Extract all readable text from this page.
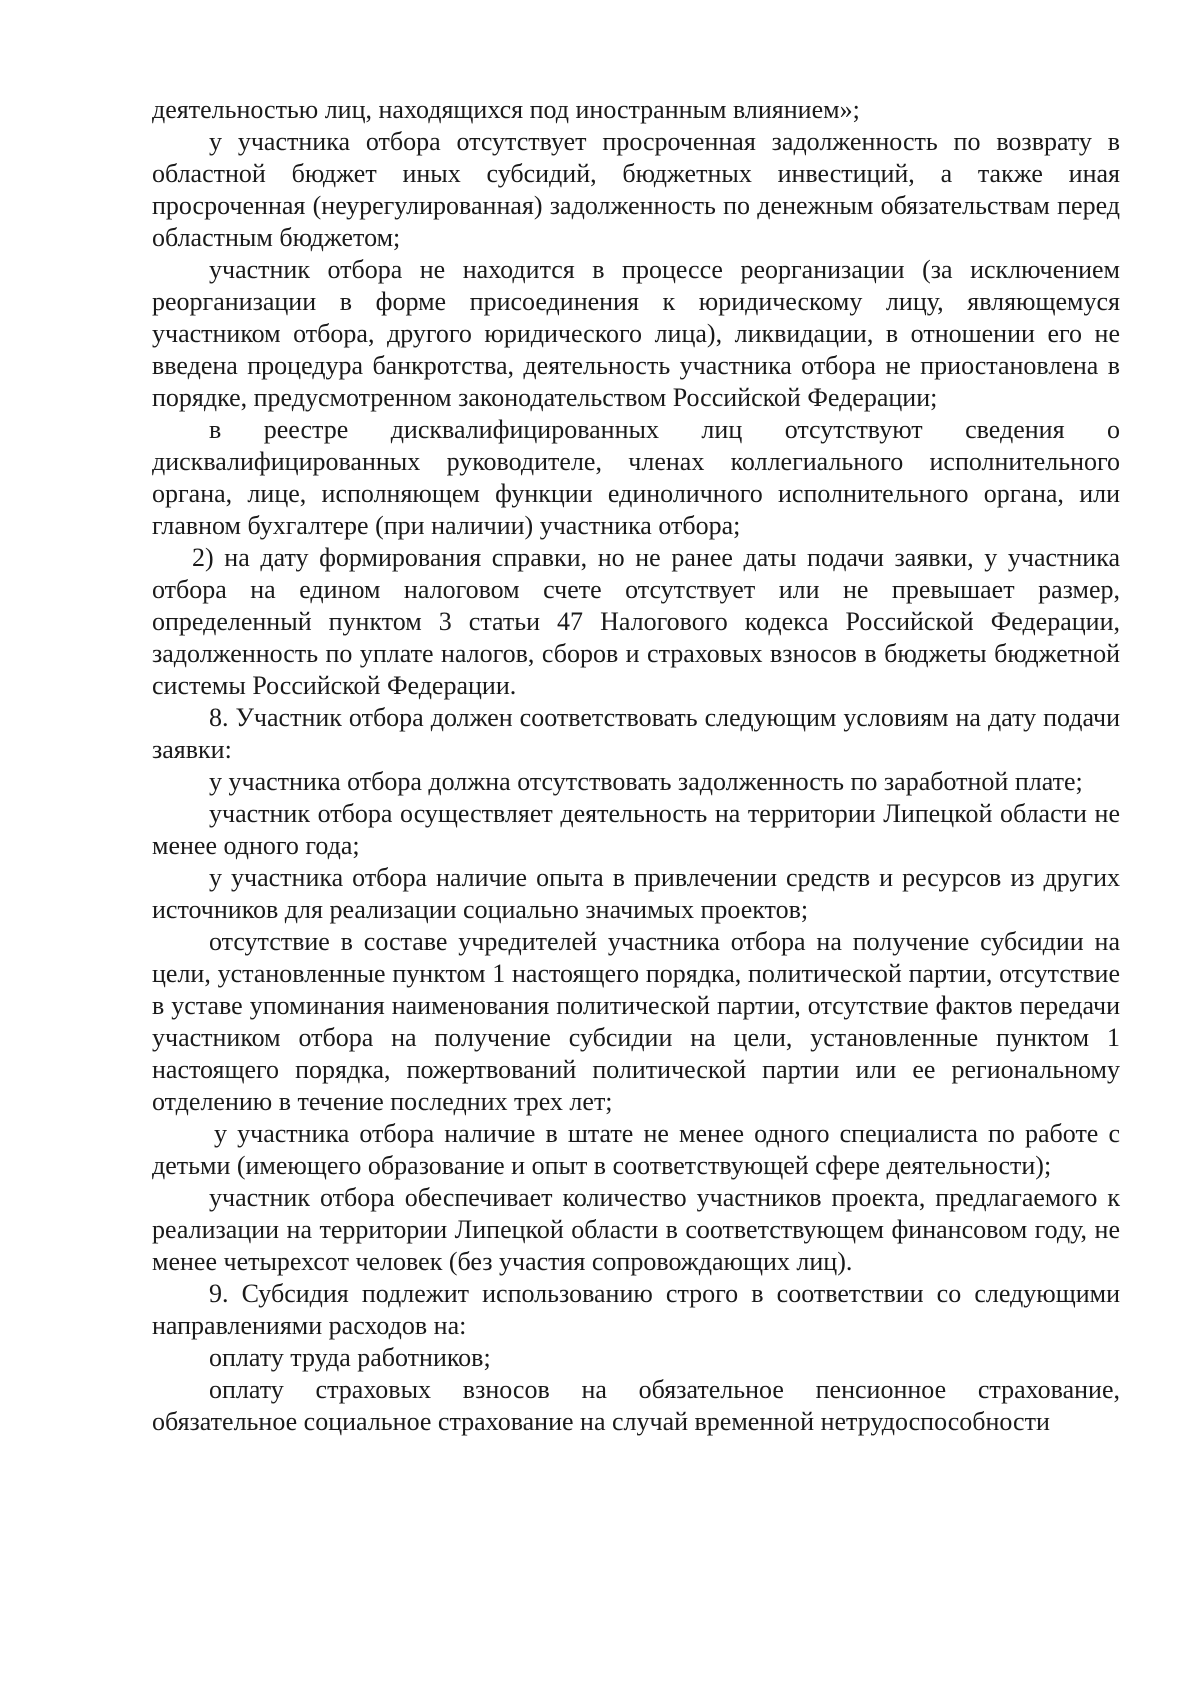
деятельностью лиц, находящихся под иностранным влиянием»;

у участника отбора отсутствует просроченная задолженность по возврату в областной бюджет иных субсидий, бюджетных инвестиций, а также иная просроченная (неурегулированная) задолженность по денежным обязательствам перед областным бюджетом;

участник отбора не находится в процессе реорганизации (за исключением реорганизации в форме присоединения к юридическому лицу, являющемуся участником отбора, другого юридического лица), ликвидации, в отношении его не введена процедура банкротства, деятельность участника отбора не приостановлена в порядке, предусмотренном законодательством Российской Федерации;

в реестре дисквалифицированных лиц отсутствуют сведения о дисквалифицированных руководителе, членах коллегиального исполнительного органа, лице, исполняющем функции единоличного исполнительного органа, или главном бухгалтере (при наличии) участника отбора;

2) на дату формирования справки, но не ранее даты подачи заявки, у участника отбора на едином налоговом счете отсутствует или не превышает размер, определенный пунктом 3 статьи 47 Налогового кодекса Российской Федерации, задолженность по уплате налогов, сборов и страховых взносов в бюджеты бюджетной системы Российской Федерации.

8. Участник отбора должен соответствовать следующим условиям на дату подачи заявки:

у участника отбора должна отсутствовать задолженность по заработной плате;

участник отбора осуществляет деятельность на территории Липецкой области не менее одного года;

у участника отбора наличие опыта в привлечении средств и ресурсов из других источников для реализации социально значимых проектов;

отсутствие в составе учредителей участника отбора на получение субсидии на цели, установленные пунктом 1 настоящего порядка, политической партии, отсутствие в уставе упоминания наименования политической партии, отсутствие фактов передачи участником отбора на получение субсидии на цели, установленные пунктом 1 настоящего порядка, пожертвований политической партии или ее региональному отделению в течение последних трех лет;

у участника отбора наличие в штате не менее одного специалиста по работе с детьми (имеющего образование и опыт в соответствующей сфере деятельности);

участник отбора обеспечивает количество участников проекта, предлагаемого к реализации на территории Липецкой области в соответствующем финансовом году, не менее четырехсот человек (без участия сопровождающих лиц).

9. Субсидия подлежит использованию строго в соответствии со следующими направлениями расходов на:

оплату труда работников;

оплату страховых взносов на обязательное пенсионное страхование, обязательное социальное страхование на случай временной нетрудоспособности
